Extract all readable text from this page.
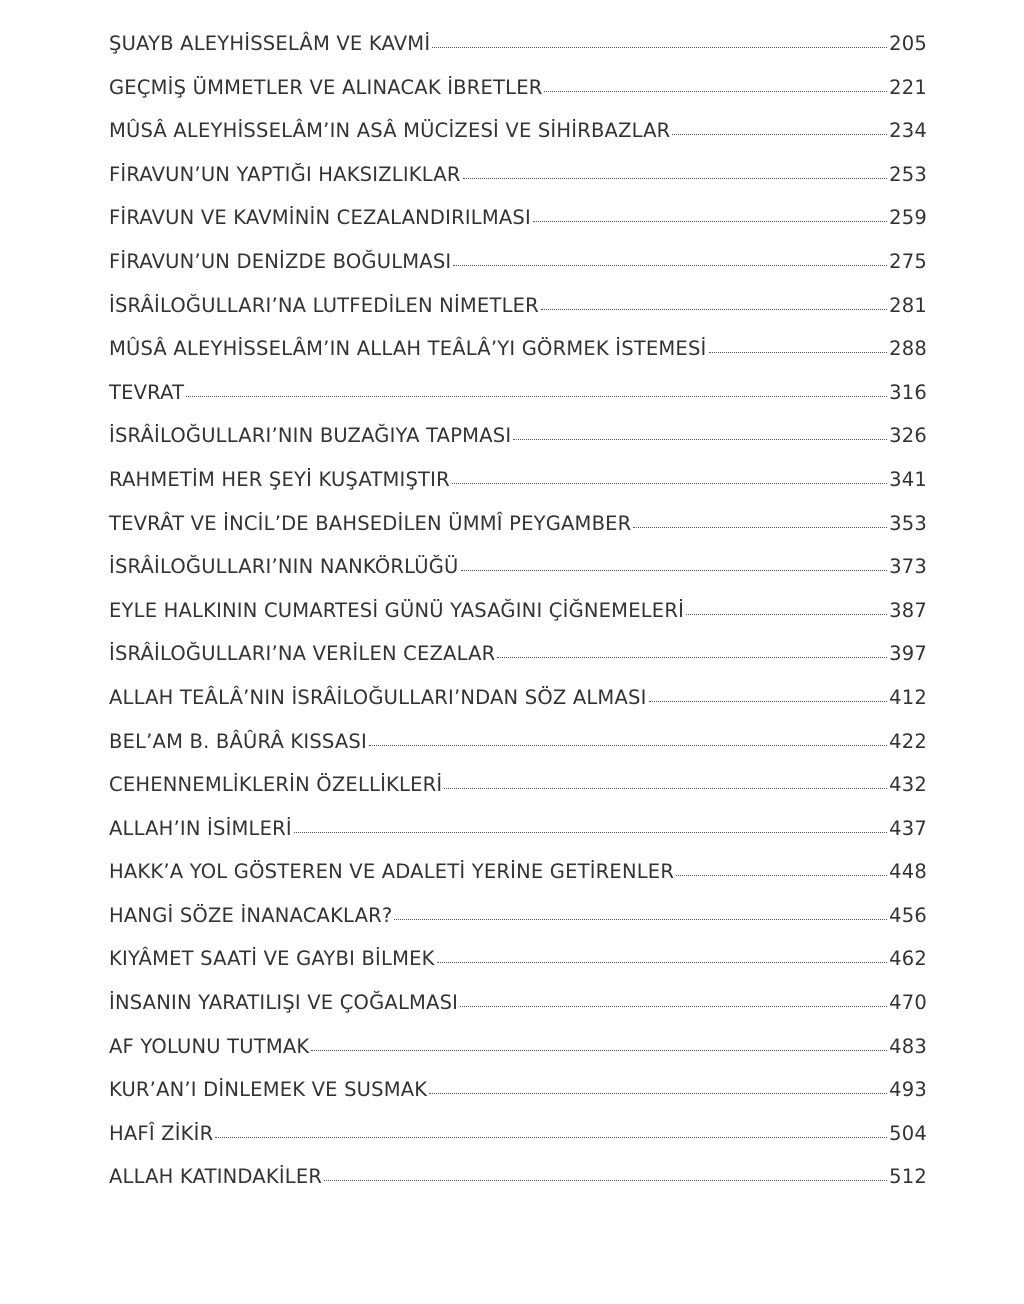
ŞUAYB ALEYHİSSELÂM VE KAVMİ	205
GEÇMİŞ ÜMMETLER VE ALINACAK İBRETLER	221
MÛSÂ ALEYHİSSELÂM’IN ASÂ MÜCİZESİ VE SİHİRBAZLAR	234
FİRAVUN’UN YAPTIĞI HAKSIZLIKLAR	253
FİRAVUN VE KAVMİNİN CEZALANDIRILMASI	259
FİRAVUN’UN DENİZDE BOĞULMASI	275
İSRÂİLOĞULLARI’NA LUTFEDİLEN NİMETLER	281
MÛSÂ ALEYHİSSELÂM’IN ALLAH TEÂLÂ’YI GÖRMEK İSTEMESİ	288
TEVRAT	316
İSRÂİLOĞULLARI’NIN BUZAĞIYA TAPMASI	326
RAHMETİM HER ŞEYİ KUŞATMIŞTIR	341
TEVRÂT VE İNCİL’DE BAHSEDİLEN ÜMMÎ PEYGAMBER	353
İSRÂİLOĞULLARI’NIN NANKÖRLÜĞÜ	373
EYLE HALKININ CUMARTESİ GÜNÜ YASAĞINI ÇİĞNEMELERİ	387
İSRÂİLOĞULLARI’NA VERİLEN CEZALAR	397
ALLAH TEÂLÂ’NIN İSRÂİLOĞULLARI’NDAN SÖZ ALMASI	412
BEL’AM B. BÂÛRÂ KISSASI	422
CEHENNEMLİKLERİN ÖZELLİKLERİ	432
ALLAH’IN İSİMLERİ	437
HAKK’A YOL GÖSTEREN VE ADALETİ YERİNE GETİRENLER	448
HANGİ SÖZE İNANACAKLAR?	456
KIYÂMET SAATİ VE GAYBI BİLMEK	462
İNSANIN YARATILIŞI VE ÇOĞALMASI	470
AF YOLUNU TUTMAK	483
KUR’AN’I DİNLEMEK VE SUSMAK	493
HAFÎ ZİKİR	504
ALLAH KATINDAKİLER	512
